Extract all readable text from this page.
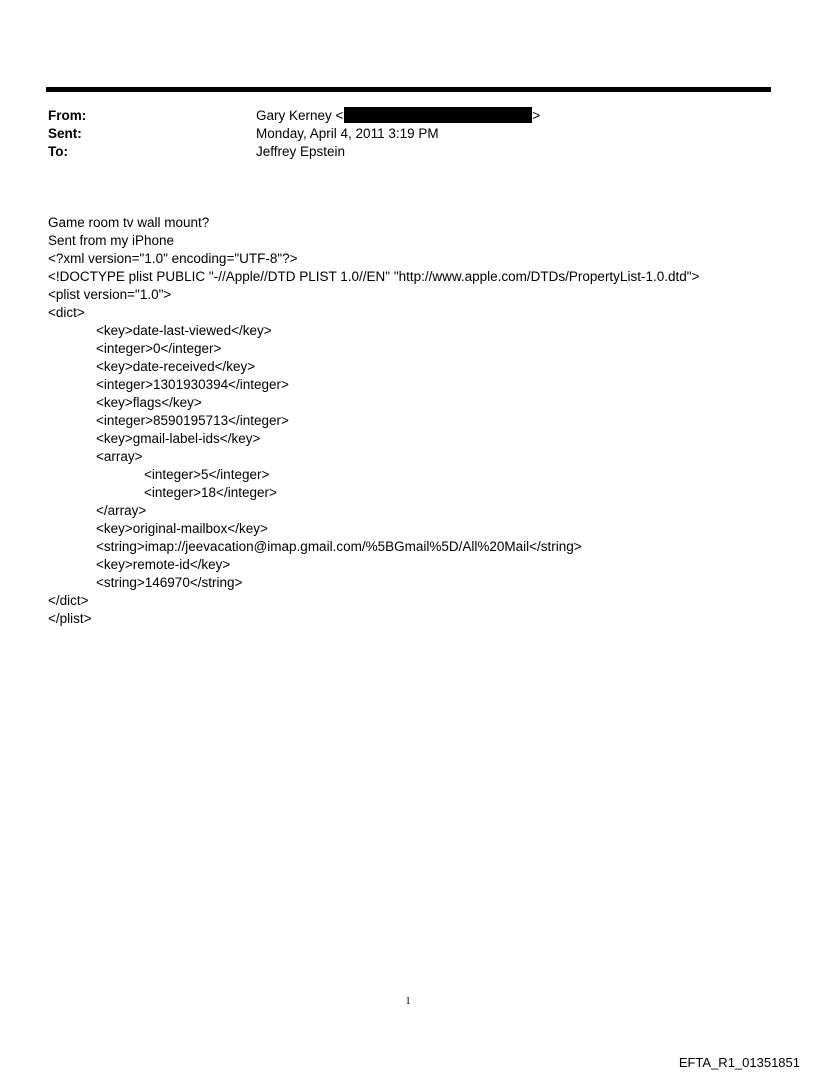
From:	Gary Kerney <	>
Sent:	Monday, April 4, 2011 3:19 PM
To:	Jeffrey Epstein
Game room tv wall mount?
Sent from my iPhone
<?xml version="1.0" encoding="UTF-8"?>
<!DOCTYPE plist PUBLIC "-//Apple//DTD PLIST 1.0//EN" "http://www.apple.com/DTDs/PropertyList-1.0.dtd">
<plist version="1.0">
<dict>
<key>date-last-viewed</key>
<integer>0</integer>
<key>date-received</key>
<integer>1301930394</integer>
<key>flags</key>
<integer>8590195713</integer>
<key>gmail-label-ids</key>
<array>
<integer>5</integer>
<integer>18</integer>
</array>
<key>original-mailbox</key>
<string>imap://jeevacation@imap.gmail.com/%5BGmail%5D/All%20Mail</string>
<key>remote-id</key>
<string>146970</string>
</dict>
</plist>
1
EFTA_R1_01351851
